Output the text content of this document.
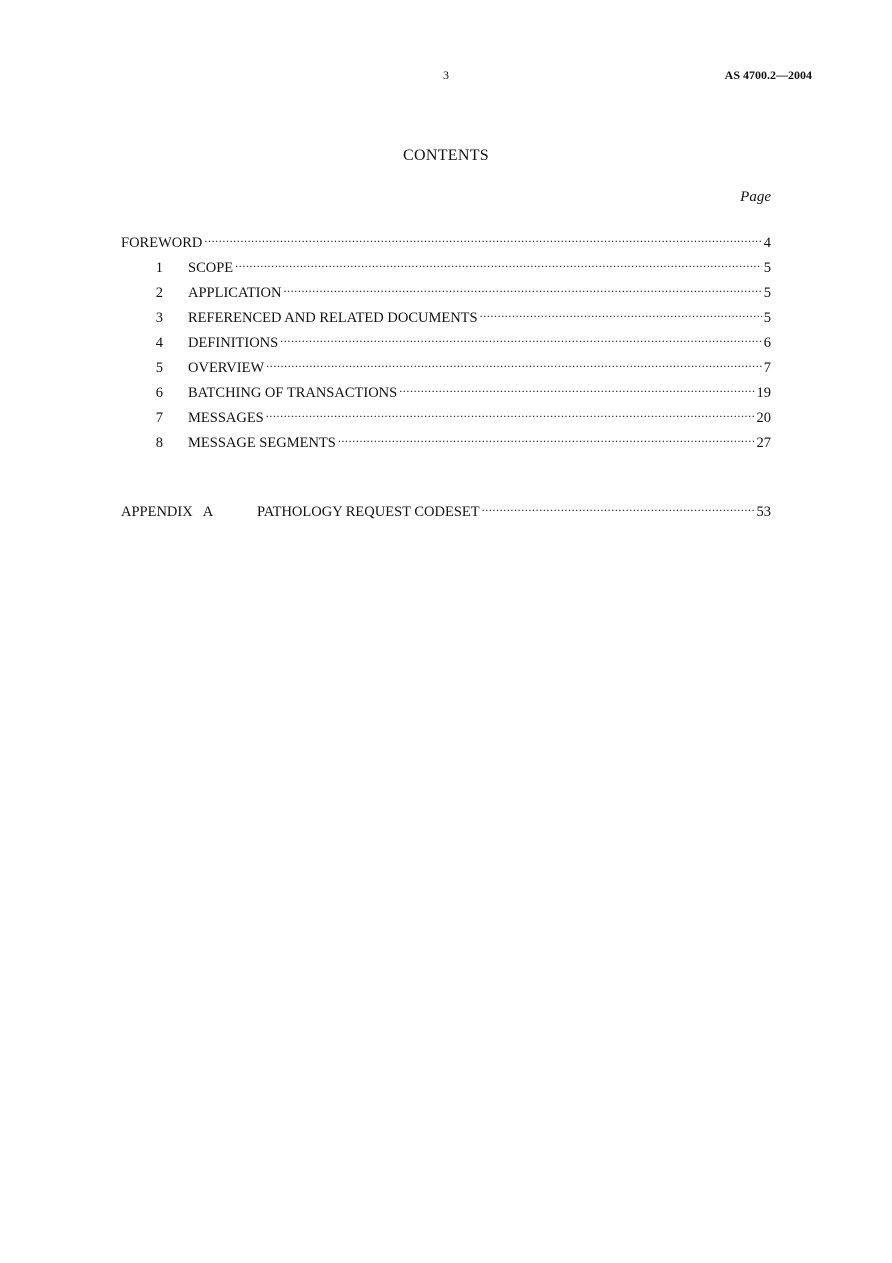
3	AS 4700.2—2004
CONTENTS
Page
FOREWORD .....	4
1 SCOPE .....	5
2 APPLICATION .....	5
3 REFERENCED AND RELATED DOCUMENTS .....	5
4 DEFINITIONS .....	6
5 OVERVIEW .....	7
6 BATCHING OF TRANSACTIONS .....	19
7 MESSAGES .....	20
8 MESSAGE SEGMENTS .....	27
APPENDIX   A	PATHOLOGY REQUEST CODESET .....	53
